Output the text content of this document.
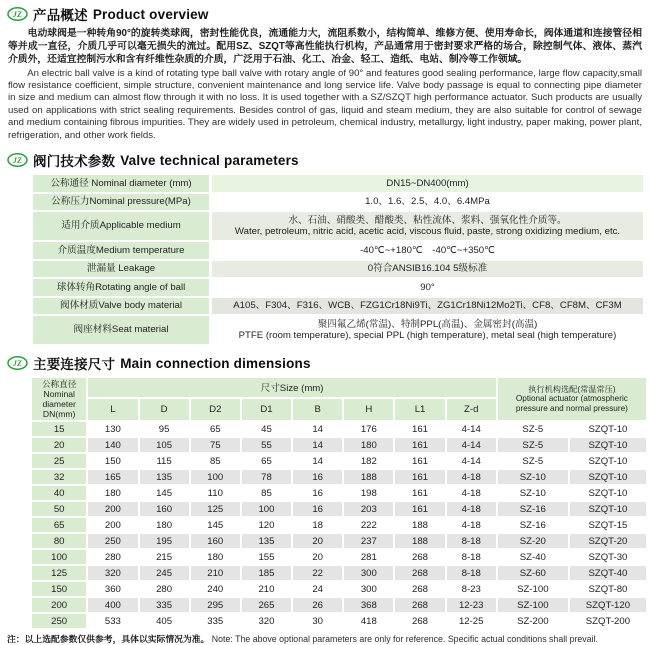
JZ 产品概述 Product overview

电动球阀是一种转角90°的旋转类球阀，密封性能优良，流通能力大，流阻系数小，结构简单、维修方便、使用寿命长，阀体通道和连接管径相等并成一直径，介质几乎可以毫无损失的流过。配用SZ、SZQT等高性能执行机构，产品通常用于密封要求严格的场合，除控制气体、液体、蒸汽介质外，还适宜控制污水和含有纤维性杂质的介质，广泛用于石油、化工、冶金、轻工、造纸、电站、制冷等工作领域。

An electric ball valve is a kind of rotating type ball valve with rotary angle of 90° and features good sealing performance, large flow capacity,small flow resistance coefficient, simple structure, convenient maintenance and long service life. Valve body passage is equal to connecting pipe diameter in size and medium can almost flow through it with no loss. It is used together with a SZ/SZQT high performance actuator. Such products are usually used on applications with strict sealing requirements. Besides control of gas, liquid and steam medium, they are also suitable for control of sewage and medium containing fibrous impurities. They are widely used in petroleum, chemical industry, metallurgy, light industry, paper making, power plant, refrigeration, and other work fields.

JZ 阀门技术参数 Valve technical parameters
公称通径 Nominal diameter (mm)	DN15~DN400(mm)

公称压力Nominal pressure(MPa)	1.0、1.6、2.5、4.0、6.4MPa

适用介质Applicable medium	水、石油、硝酸类、醋酸类、粘性流体、浆料、强氧化性介质等。
Water, petroleum, nitric acid, acetic acid, viscous fluid, paste, strong oxidizing medium, etc.

介质温度Medium temperature	-40℃~+180℃　-40℃~+350℃

泄漏量 Leakage	0符合ANSIB16.104 5级标准

球体转角Rotating angle of ball	90°

阀体材质Valve body material	A105、F304、F316、WCB、FZG1Cr18Ni9Ti、ZG1Cr18Ni12Mo2Ti、CF8、CF8M、CF3M

阀座材料Seat material	聚四氟乙烯(常温)、特制PPL(高温)、金属密封(高温)
PTFE (room temperature), special PPL (high temperature), metal seal (high temperature)
JZ 主要连接尺寸 Main connection dimensions
公称直径
Nominal diameter
DN(mm)	尺寸Size (mm)								执行机构选配(常温常压)
Optional actuator (atmospheric
pressure and normal pressure)	
	L	D	D2	D1	B	H	L1	Z-d		
15	130	95	65	45	14	176	161	4-14	SZ-5	SZQT-10
20	140	105	75	55	14	180	161	4-14	SZ-5	SZQT-10
25	150	115	85	65	14	182	161	4-14	SZ-5	SZQT-10
32	165	135	100	78	16	188	161	4-18	SZ-10	SZQT-10
40	180	145	110	85	16	198	161	4-18	SZ-10	SZQT-10
50	200	160	125	100	16	203	161	4-18	SZ-16	SZQT-10
65	200	180	145	120	18	222	188	4-18	SZ-16	SZQT-15
80	250	195	160	135	20	237	188	8-18	SZ-20	SZQT-20
100	280	215	180	155	20	281	268	8-18	SZ-40	SZQT-30
125	320	245	210	185	22	300	268	8-18	SZ-60	SZQT-40
150	360	280	240	210	24	300	268	8-23	SZ-100	SZQT-80
200	400	335	295	265	26	368	268	12-23	SZ-100	SZQT-120
250	533	405	335	320	30	418	268	12-25	SZ-200	SZQT-200
注：以上选配参数仅供参考，具体以实际情况为准。 Note: The above optional parameters are only for reference. Specific actual conditions shall prevail.
